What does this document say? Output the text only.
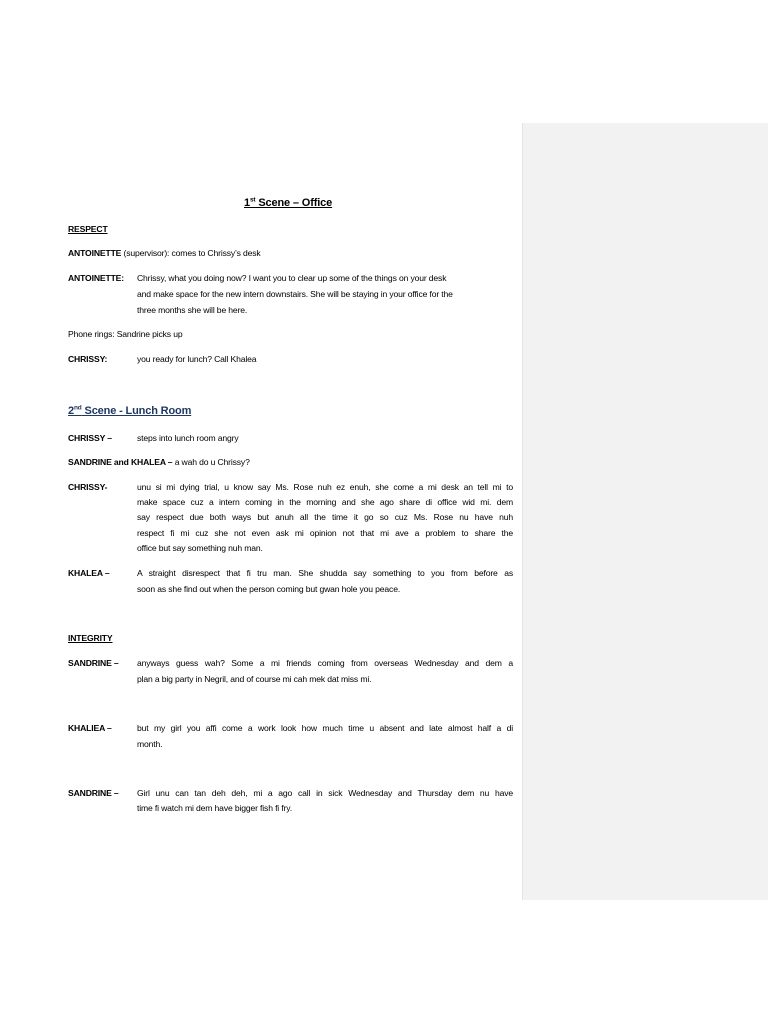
1st Scene – Office
RESPECT
ANTOINETTE (supervisor): comes to Chrissy’s desk
ANTOINETTE: Chrissy, what you doing now? I want you to clear up some of the things on your desk
and make space for the new intern downstairs. She will be staying in your office for the
three months she will be here.
Phone rings: Sandrine picks up
CHRISSY:	you ready for lunch? Call Khalea
2nd Scene - Lunch Room
CHRISSY –	steps into lunch room angry
SANDRINE and KHALEA – a wah do u Chrissy?
CHRISSY-	unu si mi dying trial, u know say Ms. Rose nuh ez enuh, she come a mi desk an tell mi to
make space cuz a intern coming in the morning and she ago share di office wid mi. dem
say respect due both ways but anuh all the time it go so cuz Ms. Rose nu have nuh
respect fi mi cuz she not even ask mi opinion not that mi ave a problem to share the
office but say something nuh man.
KHALEA –	A straight disrespect that fi tru man. She shudda say something to you from before as
soon as she find out when the person coming but gwan hole you peace.
INTEGRITY
SANDRINE – anyways guess wah? Some a mi friends coming from overseas Wednesday and dem a
plan a big party in Negril, and of course mi cah mek dat miss mi.
KHALIEA –	but my girl you affi come a work look how much time u absent and late almost half a di
month.
SANDRINE – Girl unu can tan deh deh, mi a ago call in sick Wednesday and Thursday dem nu have
time fi watch mi dem have bigger fish fi fry.
